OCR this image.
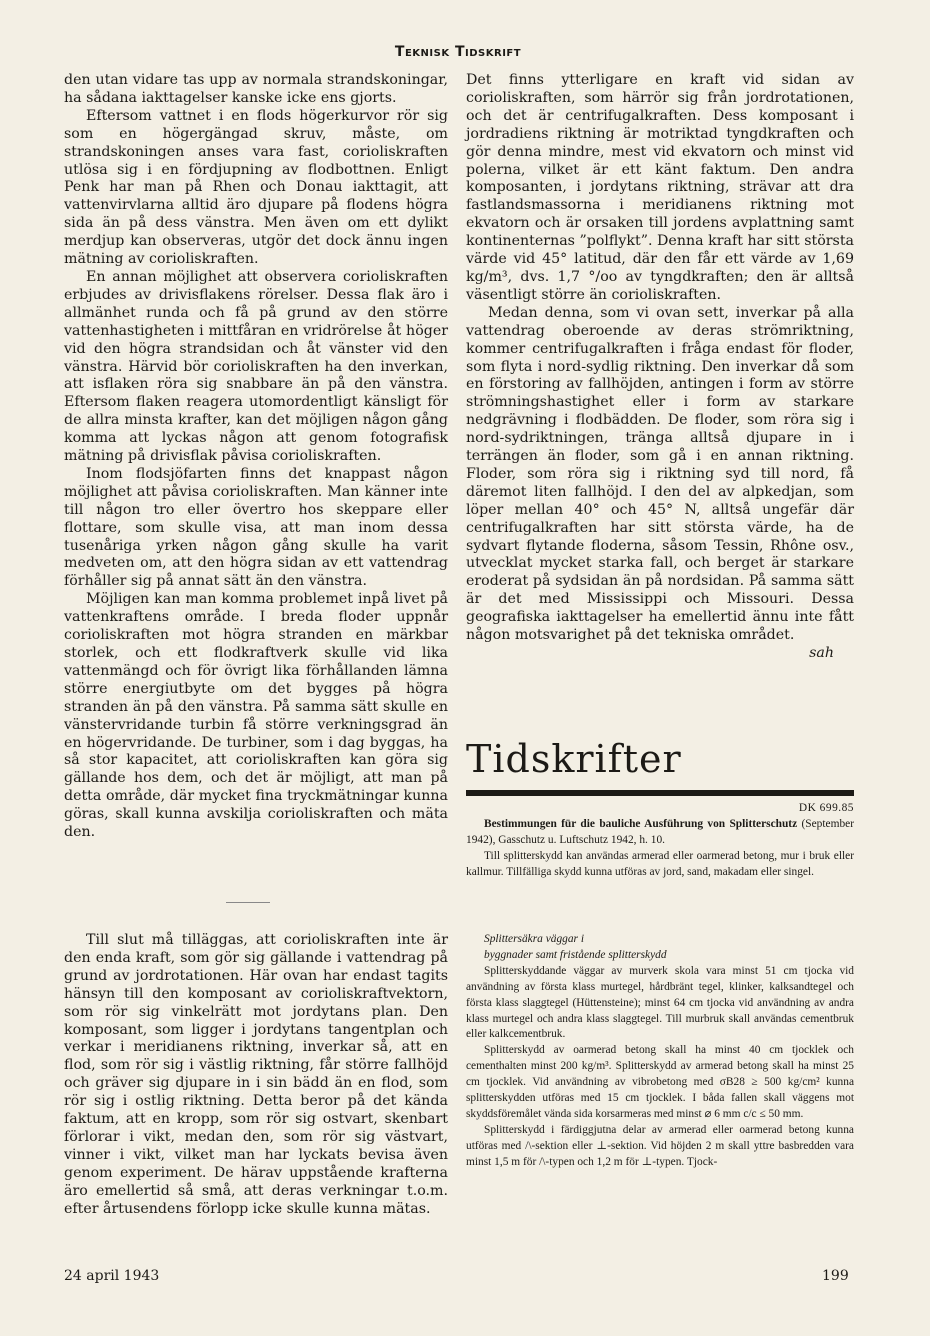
Teknisk Tidskrift

den utan vidare tas upp av normala strandskoningar, ha sådana iakttagelser kanske icke ens gjorts.

Eftersom vattnet i en flods högerkurvor rör sig som en högergängad skruv, måste, om strandskoningen anses vara fast, corioliskraften utlösa sig i en fördjupning av flodbottnen. Enligt Penk har man på Rhen och Donau iakttagit, att vattenvirvlarna alltid äro djupare på flodens högra sida än på dess vänstra. Men även om ett dylikt merdjup kan observeras, utgör det dock ännu ingen mätning av corioliskraften.

En annan möjlighet att observera corioliskraften erbjudes av drivisflakens rörelser. Dessa flak äro i allmänhet runda och få på grund av den större vattenhastigheten i mittfåran en vridrörelse åt höger vid den högra strandsidan och åt vänster vid den vänstra. Härvid bör corioliskraften ha den inverkan, att isflaken röra sig snabbare än på den vänstra. Eftersom flaken reagera utomordentligt känsligt för de allra minsta krafter, kan det möjligen någon gång komma att lyckas någon att genom fotografisk mätning på drivisflak påvisa corioliskraften.

Inom flodsjöfarten finns det knappast någon möjlighet att påvisa corioliskraften. Man känner inte till någon tro eller övertro hos skeppare eller flottare, som skulle visa, att man inom dessa tusenåriga yrken någon gång skulle ha varit medveten om, att den högra sidan av ett vattendrag förhåller sig på annat sätt än den vänstra.

Möjligen kan man komma problemet inpå livet på vattenkraftens område. I breda floder uppnår corioliskraften mot högra stranden en märkbar storlek, och ett flodkraftverk skulle vid lika vattenmängd och för övrigt lika förhållanden lämna större energiutbyte om det bygges på högra stranden än på den vänstra. På samma sätt skulle en vänstervridande turbin få större verkningsgrad än en högervridande. De turbiner, som i dag byggas, ha så stor kapacitet, att corioliskraften kan göra sig gällande hos dem, och det är möjligt, att man på detta område, där mycket fina tryckmätningar kunna göras, skall kunna avskilja corioliskraften och mäta den.

Till slut må tilläggas, att corioliskraften inte är den enda kraft, som gör sig gällande i vattendrag på grund av jordrotationen. Här ovan har endast tagits hänsyn till den komposant av corioliskraftvektorn, som rör sig vinkelrätt mot jordytans plan. Den komposant, som ligger i jordytans tangentplan och verkar i meridianens riktning, inverkar så, att en flod, som rör sig i västlig riktning, får större fallhöjd och gräver sig djupare in i sin bädd än en flod, som rör sig i ostlig riktning. Detta beror på det kända faktum, att en kropp, som rör sig ostvart, skenbart förlorar i vikt, medan den, som rör sig västvart, vinner i vikt, vilket man har lyckats bevisa även genom experiment. De härav uppstående krafterna äro emellertid så små, att deras verkningar t.o.m. efter årtusendens förlopp icke skulle kunna mätas.

Det finns ytterligare en kraft vid sidan av corioliskraften, som härrör sig från jordrotationen, och det är centrifugalkraften. Dess komposant i jordradiens riktning är motriktad tyngdkraften och gör denna mindre, mest vid ekvatorn och minst vid polerna, vilket är ett känt faktum. Den andra komposanten, i jordytans riktning, strävar att dra fastlandsmassorna i meridianens riktning mot ekvatorn och är orsaken till jordens avplattning samt kontinenternas ”polflykt”. Denna kraft har sitt största värde vid 45° latitud, där den får ett värde av 1,69 kg/m³, dvs. 1,7 °/oo av tyngdkraften; den är alltså väsentligt större än corioliskraften.

Medan denna, som vi ovan sett, inverkar på alla vattendrag oberoende av deras strömriktning, kommer centrifugalkraften i fråga endast för floder, som flyta i nord-sydlig riktning. Den inverkar då som en förstoring av fallhöjden, antingen i form av större strömningshastighet eller i form av starkare nedgrävning i flodbädden. De floder, som röra sig i nord-sydriktningen, tränga alltså djupare in i terrängen än floder, som gå i en annan riktning. Floder, som röra sig i riktning syd till nord, få däremot liten fallhöjd. I den del av alpkedjan, som löper mellan 40° och 45° N, alltså ungefär där centrifugalkraften har sitt största värde, ha de sydvart flytande floderna, såsom Tessin, Rhône osv., utvecklat mycket starka fall, och berget är starkare eroderat på sydsidan än på nordsidan. På samma sätt är det med Mississippi och Missouri. Dessa geografiska iakttagelser ha emellertid ännu inte fått någon motsvarighet på det tekniska området.

sah

Tidskrifter

DK 699.85

Bestimmungen für die bauliche Ausführung von Splitterschutz (September 1942), Gasschutz u. Luftschutz 1942, h. 10.

Till splitterskydd kan användas armerad eller oarmerad betong, mur i bruk eller kallmur. Tillfälliga skydd kunna utföras av jord, sand, makadam eller singel.

Splittersäkra väggar i

byggnader samt fristående splitterskydd

Splitterskyddande väggar av murverk skola vara minst 51 cm tjocka vid användning av första klass murtegel, hårdbränt tegel, klinker, kalksandtegel och första klass slaggtegel (Hüttensteine); minst 64 cm tjocka vid användning av andra klass murtegel och andra klass slaggtegel. Till murbruk skall användas cementbruk eller kalkcementbruk.

Splitterskydd av oarmerad betong skall ha minst 40 cm tjocklek och cementhalten minst 200 kg/m³. Splitterskydd av armerad betong skall ha minst 25 cm tjocklek. Vid användning av vibrobetong med σB28 ≥ 500 kg/cm² kunna splitterskydden utföras med 15 cm tjocklek. I båda fallen skall väggens mot skyddsföremålet vända sida korsarmeras med minst ⌀ 6 mm c/c ≤ 50 mm.

Splitterskydd i färdiggjutna delar av armerad eller oarmerad betong kunna utföras med /\-sektion eller ⊥-sektion. Vid höjden 2 m skall yttre basbredden vara minst 1,5 m för /\-typen och 1,2 m för ⊥-typen. Tjock-

24 april 1943	199
